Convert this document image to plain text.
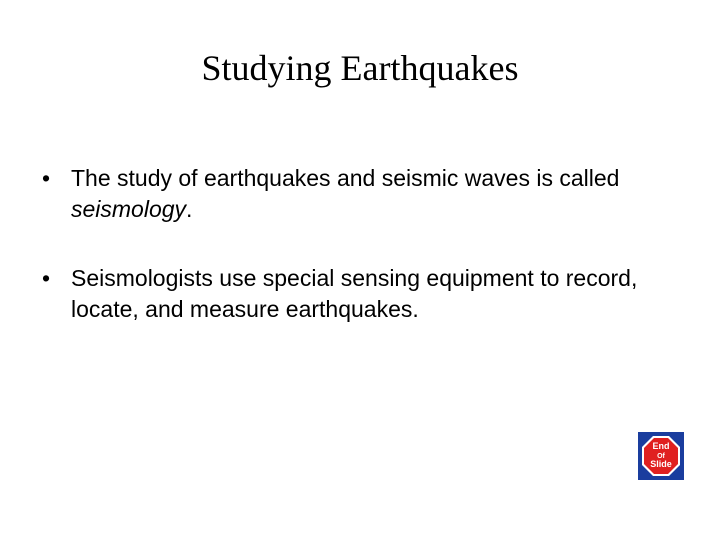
Studying Earthquakes
• The study of earthquakes and seismic waves is called seismology.
• Seismologists use special sensing equipment to record, locate, and measure earthquakes.
End
Of
Slide
